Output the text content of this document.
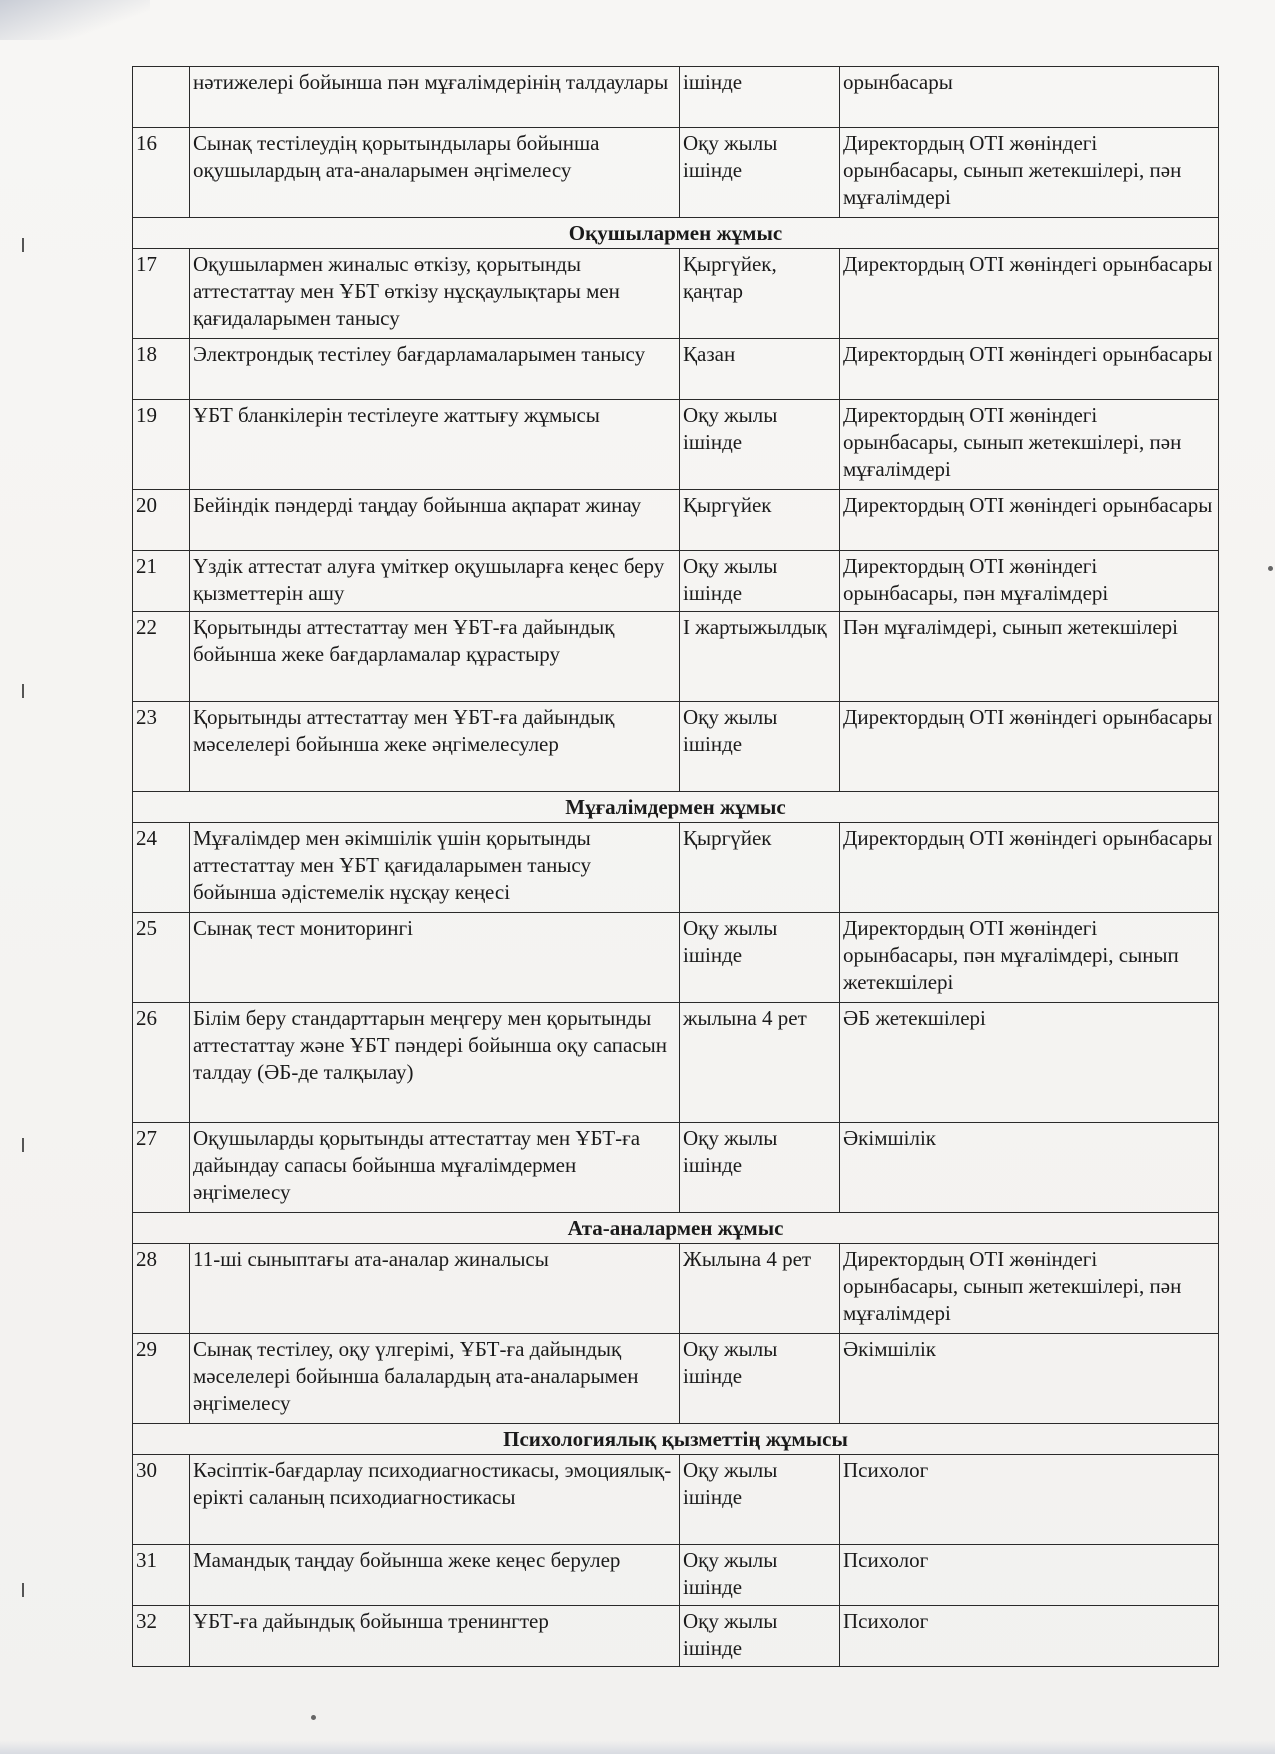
	нәтижелері бойынша пән мұғалімдерінің талдаулары	ішінде	орынбасары
16	Сынақ тестілеудің қорытындылары бойынша оқушылардың ата-аналарымен әңгімелесу	Оқу жылы ішінде	Директордың ОТІ жөніндегі орынбасары, сынып жетекшілері, пән мұғалімдері
Оқушылармен жұмыс			
17	Оқушылармен жиналыс өткізу, қорытынды аттестаттау мен ҰБТ өткізу нұсқаулықтары мен қағидаларымен танысу	Қыргүйек, қаңтар	Директордың ОТІ жөніндегі орынбасары
18	Электрондық тестілеу бағдарламаларымен танысу	Қазан	Директордың ОТІ жөніндегі орынбасары
19	ҰБТ бланкілерін тестілеуге жаттығу жұмысы	Оқу жылы ішінде	Директордың ОТІ жөніндегі орынбасары, сынып жетекшілері, пән мұғалімдері
20	Бейіндік пәндерді таңдау бойынша ақпарат жинау	Қыргүйек	Директордың ОТІ жөніндегі орынбасары
21	Үздік аттестат алуға үміткер оқушыларға кеңес беру қызметтерін ашу	Оқу жылы ішінде	Директордың ОТІ жөніндегі орынбасары, пән мұғалімдері
22	Қорытынды аттестаттау мен ҰБТ-ға дайындық бойынша жеке бағдарламалар құрастыру	І жартыжылдық	Пән мұғалімдері, сынып жетекшілері
23	Қорытынды аттестаттау мен ҰБТ-ға дайындық мәселелері бойынша жеке әңгімелесулер	Оқу жылы ішінде	Директордың ОТІ жөніндегі орынбасары
Мұғалімдермен жұмыс			
24	Мұғалімдер мен әкімшілік үшін қорытынды аттестаттау мен ҰБТ қағидаларымен танысу бойынша әдістемелік нұсқау кеңесі	Қыргүйек	Директордың ОТІ жөніндегі орынбасары
25	Сынақ тест мониторингі	Оқу жылы ішінде	Директордың ОТІ жөніндегі орынбасары, пән мұғалімдері, сынып жетекшілері
26	Білім беру стандарттарын меңгеру мен қорытынды аттестаттау және ҰБТ пәндері бойынша оқу сапасын талдау (ӘБ-де талқылау)	жылына 4 рет	ӘБ жетекшілері
27	Оқушыларды қорытынды аттестаттау мен ҰБТ-ға дайындау сапасы бойынша мұғалімдермен әңгімелесу	Оқу жылы ішінде	Әкімшілік
Ата-аналармен жұмыс			
28	11-ші сыныптағы ата-аналар жиналысы	Жылына 4 рет	Директордың ОТІ жөніндегі орынбасары, сынып жетекшілері, пән мұғалімдері
29	Сынақ тестілеу, оқу үлгерімі, ҰБТ-ға дайындық мәселелері бойынша балалардың ата-аналарымен әңгімелесу	Оқу жылы ішінде	Әкімшілік
Психологиялық қызметтің жұмысы			
30	Кәсіптік-бағдарлау психодиагностикасы, эмоциялық-ерікті саланың психодиагностикасы	Оқу жылы ішінде	Психолог
31	Мамандық таңдау бойынша жеке кеңес берулер	Оқу жылы ішінде	Психолог
32	ҰБТ-ға дайындық бойынша тренингтер	Оқу жылы ішінде	Психолог
